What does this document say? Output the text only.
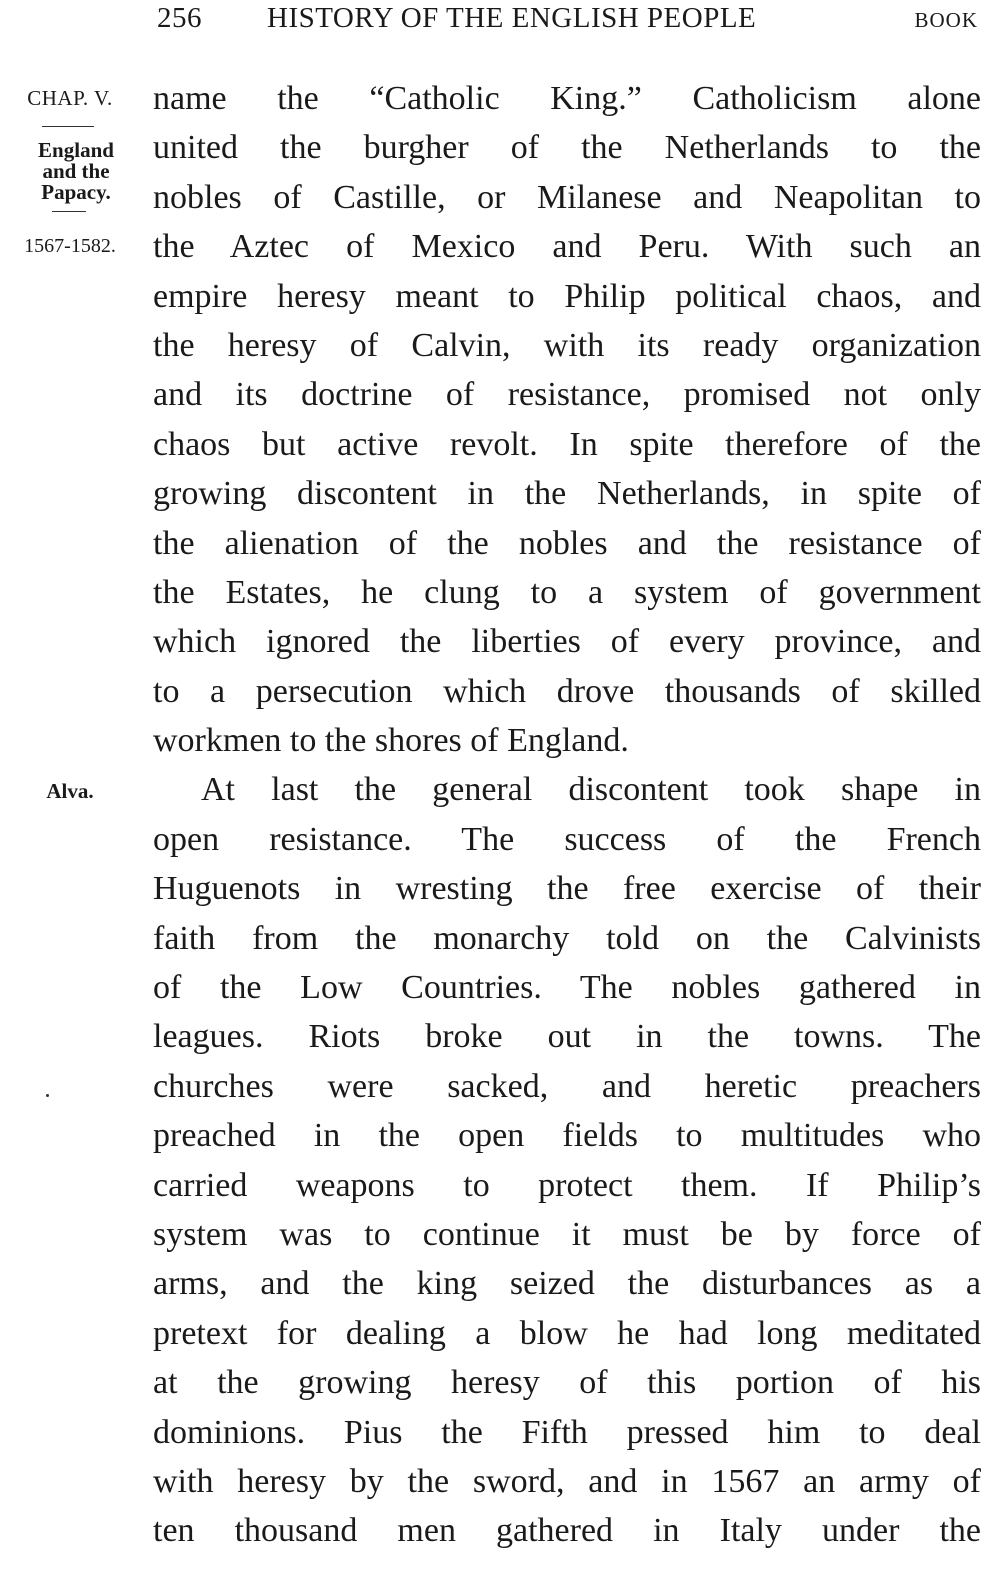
256 HISTORY OF THE ENGLISH PEOPLE	BOOK
CHAP. V.
England
and the
Papacy.
1567-1582.
Alva.
name the “Catholic King.” Catholicism alone
united the burgher of the Netherlands to the
nobles of Castille, or Milanese and Neapolitan to
the Aztec of Mexico and Peru. With such an
empire heresy meant to Philip political chaos, and
the heresy of Calvin, with its ready organization
and its doctrine of resistance, promised not only
chaos but active revolt. In spite therefore of the
growing discontent in the Netherlands, in spite of
the alienation of the nobles and the resistance of
the Estates, he clung to a system of government
which ignored the liberties of every province, and
to a persecution which drove thousands of skilled
workmen to the shores of England.
At last the general discontent took shape in
open resistance. The success of the French
Huguenots in wresting the free exercise of their
faith from the monarchy told on the Calvinists
of the Low Countries. The nobles gathered in
leagues. Riots broke out in the towns. The
churches were sacked, and heretic preachers
preached in the open fields to multitudes who
carried weapons to protect them. If Philip’s
system was to continue it must be by force of
arms, and the king seized the disturbances as a
pretext for dealing a blow he had long meditated
at the growing heresy of this portion of his
dominions. Pius the Fifth pressed him to deal
with heresy by the sword, and in 1567 an army of
ten thousand men gathered in Italy under the
